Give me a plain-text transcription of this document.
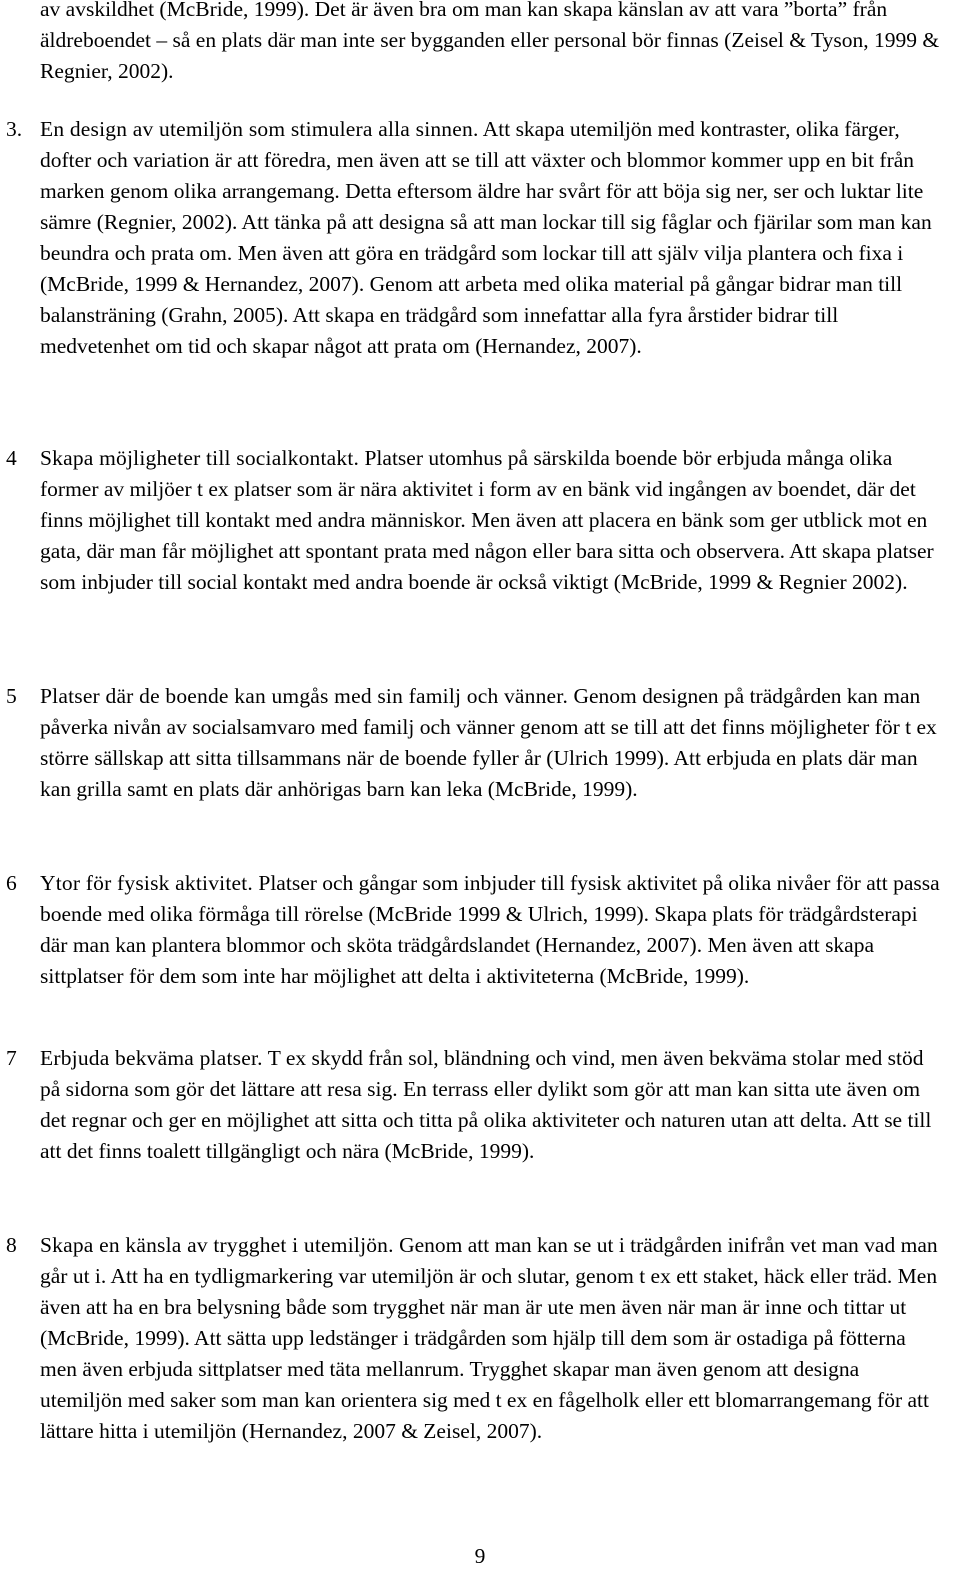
av avskildhet (McBride, 1999). Det är även bra om man kan skapa känslan av att vara ”borta” från äldreboendet – så en plats där man inte ser bygganden eller personal bör finnas (Zeisel & Tyson, 1999 & Regnier, 2002).

3. En design av utemiljön som stimulera alla sinnen. Att skapa utemiljön med kontraster, olika färger, dofter och variation är att föredra, men även att se till att växter och blommor kommer upp en bit från marken genom olika arrangemang. Detta eftersom äldre har svårt för att böja sig ner, ser och luktar lite sämre (Regnier, 2002). Att tänka på att designa så att man lockar till sig fåglar och fjärilar som man kan beundra och prata om. Men även att göra en trädgård som lockar till att själv vilja plantera och fixa i (McBride, 1999 & Hernandez, 2007). Genom att arbeta med olika material på gångar bidrar man till balansträning (Grahn, 2005). Att skapa en trädgård som innefattar alla fyra årstider bidrar till medvetenhet om tid och skapar något att prata om (Hernandez, 2007).
4	Skapa möjligheter till socialkontakt. Platser utomhus på särskilda boende bör erbjuda många olika former av miljöer t ex platser som är nära aktivitet i form av en bänk vid ingången av boendet, där det finns möjlighet till kontakt med andra människor. Men även att placera en bänk som ger utblick mot en gata, där man får möjlighet att spontant prata med någon eller bara sitta och observera. Att skapa platser som inbjuder till social kontakt med andra boende är också viktigt (McBride, 1999 & Regnier 2002).
5	Platser där de boende kan umgås med sin familj och vänner. Genom designen på trädgården kan man påverka nivån av socialsamvaro med familj och vänner genom att se till att det finns möjligheter för t ex större sällskap att sitta tillsammans när de boende fyller år (Ulrich 1999). Att erbjuda en plats där man kan grilla samt en plats där anhörigas barn kan leka (McBride, 1999).
6	Ytor för fysisk aktivitet. Platser och gångar som inbjuder till fysisk aktivitet på olika nivåer för att passa boende med olika förmåga till rörelse (McBride 1999 & Ulrich, 1999). Skapa plats för trädgårdsterapi där man kan plantera blommor och sköta trädgårdslandet (Hernandez, 2007). Men även att skapa sittplatser för dem som inte har möjlighet att delta i aktiviteterna (McBride, 1999).
7	Erbjuda bekväma platser. T ex skydd från sol, bländning och vind, men även bekväma stolar med stöd på sidorna som gör det lättare att resa sig. En terrass eller dylikt som gör att man kan sitta ute även om det regnar och ger en möjlighet att sitta och titta på olika aktiviteter och naturen utan att delta. Att se till att det finns toalett tillgängligt och nära (McBride, 1999).
8	Skapa en känsla av trygghet i utemiljön. Genom att man kan se ut i trädgården inifrån vet man vad man går ut i. Att ha en tydligmarkering var utemiljön är och slutar, genom t ex ett staket, häck eller träd. Men även att ha en bra belysning både som trygghet när man är ute men även när man är inne och tittar ut (McBride, 1999). Att sätta upp ledstänger i trädgården som hjälp till dem som är ostadiga på fötterna men även erbjuda sittplatser med täta mellanrum. Trygghet skapar man även genom att designa utemiljön med saker som man kan orientera sig med t ex en fågelholk eller ett blomarrangemang för att lättare hitta i utemiljön (Hernandez, 2007 & Zeisel, 2007).
9
